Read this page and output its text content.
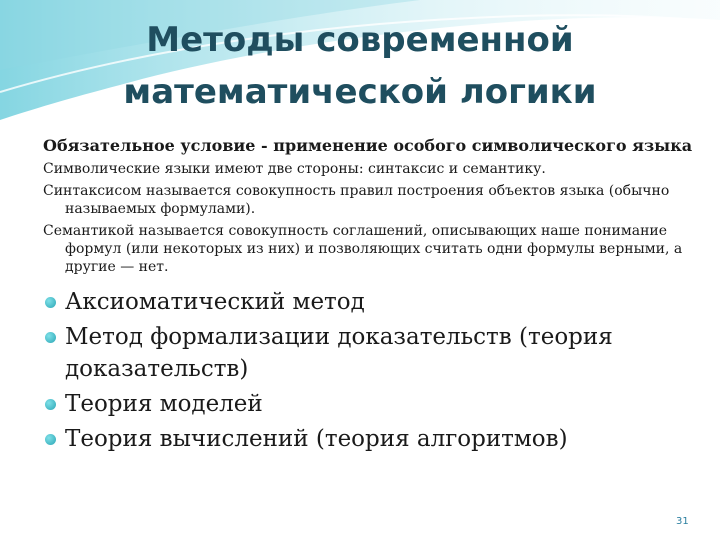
Методы современной
математической логики

Обязательное условие - применение особого символического языка

Символические языки имеют две стороны: синтаксис и семантику.

Синтаксисом называется совокупность правил построения объектов языка (обычно называемых формулами).

Семантикой называется совокупность соглашений, описывающих наше понимание формул (или некоторых из них) и позволяющих считать одни формулы верными, а другие — нет.

Аксиоматический метод
Метод формализации доказательств (теория доказательств)
Теория моделей
Теория вычислений (теория алгоритмов)
31
